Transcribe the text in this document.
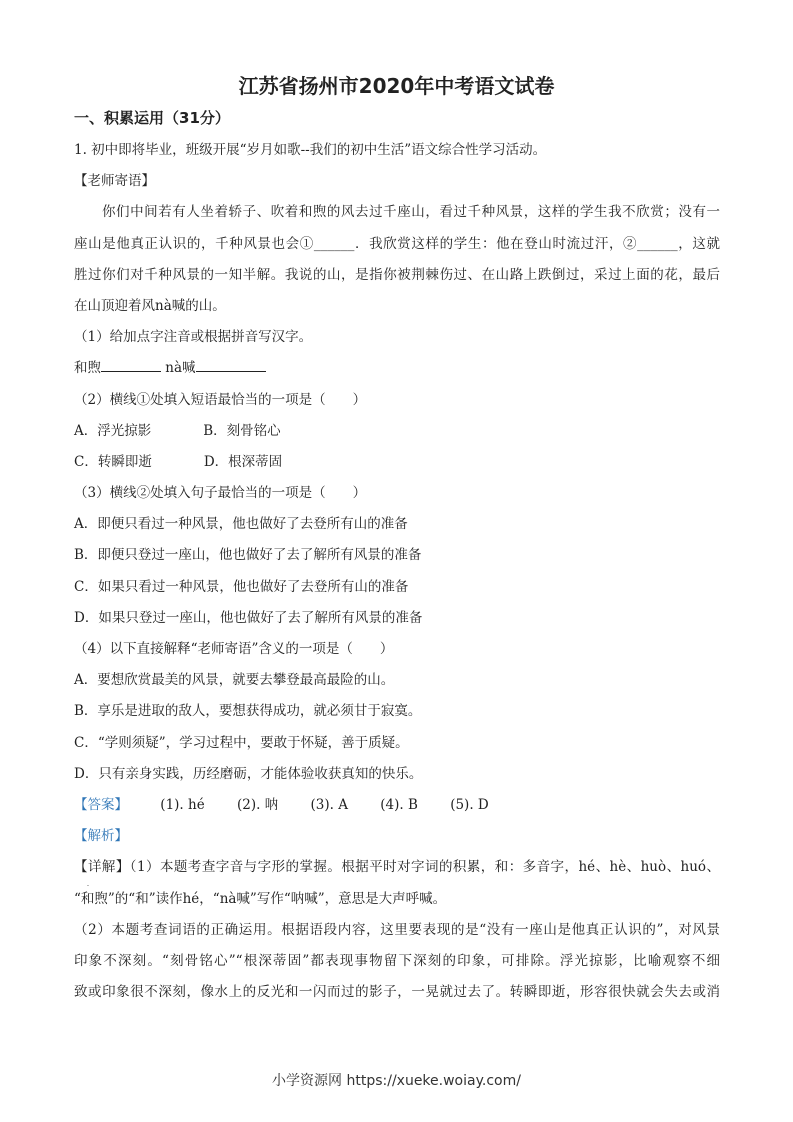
江苏省扬州市2020年中考语文试卷
一、积累运用（31分）
1. 初中即将毕业，班级开展“岁月如歌--我们的初中生活”语文综合性学习活动。
【老师寄语】
你们中间若有人坐着轿子、吹着和煦的风去过千座山，看过千种风景，这样的学生我不欣赏；没有一
座山是他真正认识的，千种风景也会①______．我欣赏这样的学生：他在登山时流过汗，②______，这就
胜过你们对千种风景的一知半解。我说的山，是指你被荆棘伤过、在山路上跌倒过，采过上面的花，最后
在山顶迎着风nà喊的山。
（1）给加点字注音或根据拼音写汉字。
和煦	nà喊
（2）横线①处填入短语最恰当的一项是（　　）
A．浮光掠影	B．刻骨铭心
C．转瞬即逝	D．根深蒂固
（3）横线②处填入句子最恰当的一项是（　　）
A．即便只看过一种风景，他也做好了去登所有山的准备
B．即便只登过一座山，他也做好了去了解所有风景的准备
C．如果只看过一种风景，他也做好了去登所有山的准备
D．如果只登过一座山，他也做好了去了解所有风景的准备
（4）以下直接解释“老师寄语”含义的一项是（　　）
A．要想欣赏最美的风景，就要去攀登最高最险的山。
B．享乐是进取的敌人，要想获得成功，就必须甘于寂寞。
C．“学则须疑”，学习过程中，要敢于怀疑，善于质疑。
D．只有亲身实践，历经磨砺，才能体验收获真知的快乐。
【答案】 (1). hé (2). 呐 (3). A (4). B (5). D
【解析】
【详解】（1）本题考查字音与字形的掌握。根据平时对字词的积累，和：多音字，hé、hè、huò、huó、
“和煦”的“和”读作hé，“nà喊”写作“呐喊”，意思是大声呼喊。
（2）本题考查词语的正确运用。根据语段内容，这里要表现的是“没有一座山是他真正认识的”，对风景
印象不深刻。“刻骨铭心”“根深蒂固”都表现事物留下深刻的印象，可排除。浮光掠影，比喻观察不细
致或印象很不深刻，像水上的反光和一闪而过的影子，一晃就过去了。转瞬即逝，形容很快就会失去或消
小学资源网 https://xueke.woiay.com/
